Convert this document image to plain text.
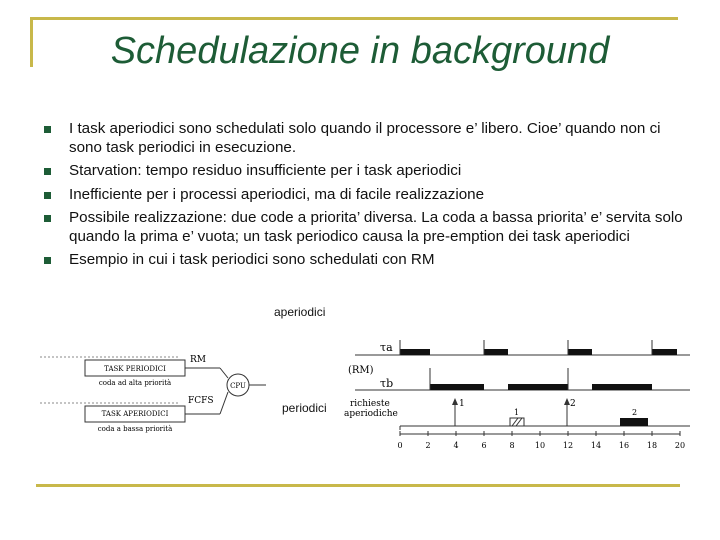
Schedulazione in background
I task aperiodici sono schedulati solo quando il processore e’ libero. Cioe’ quando non ci sono task periodici in esecuzione.
Starvation: tempo residuo insufficiente per i task aperiodici
Inefficiente per i processi aperiodici, ma di facile realizzazione
Possibile realizzazione: due code a priorita’ diversa. La coda a bassa priorita’ e’ servita solo quando la prima e’ vuota; un task periodico causa la pre-emption dei task aperiodici
Esempio in cui i task periodici sono schedulati con RM
aperiodici
periodici
TASK PERIODICI
coda ad alta priorità
RM
TASK APERIODICI
coda a bassa priorità
FCFS
CPU
τa
(RM)
τb
richieste
aperiodiche
1	2
1	2
0	2	4	6	8	10 12 14 16 18 20
